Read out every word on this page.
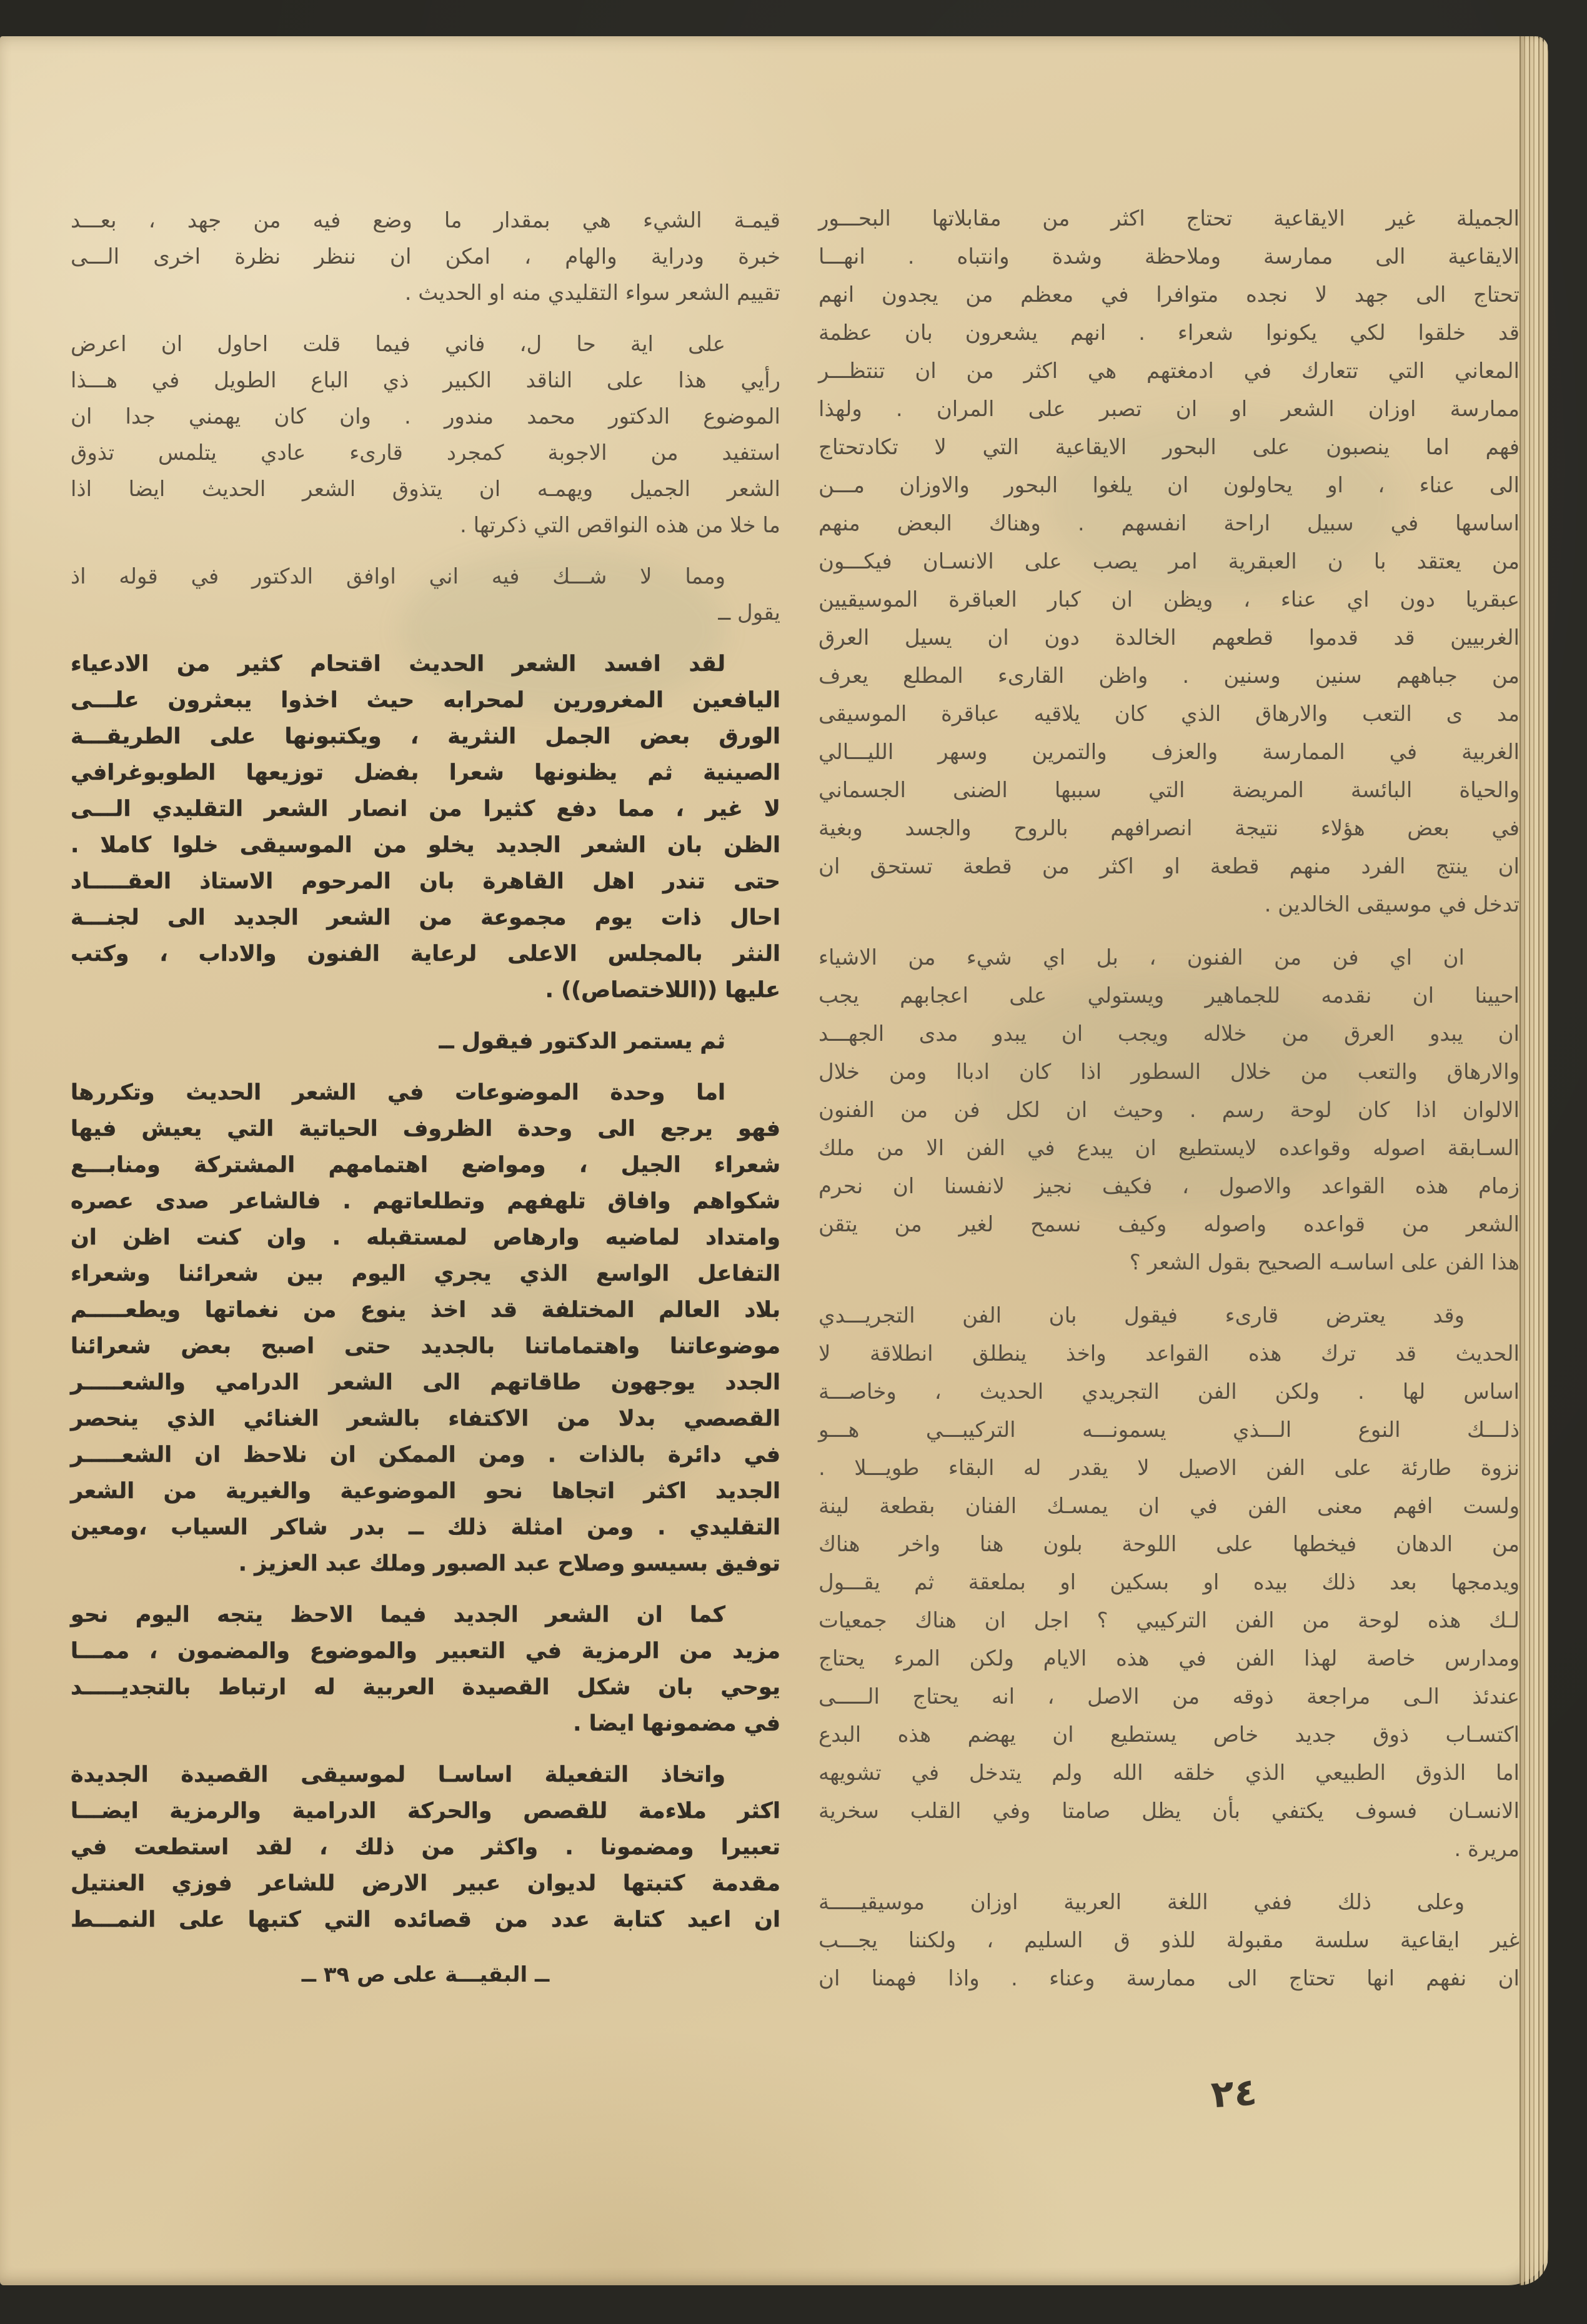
الجميلة غير الايقاعية تحتاج اكثر من مقابلاتها البحـــور
الايقاعية الى ممارسة وملاحظة وشدة وانتباه . انهـــا
تحتاج الى جهد لا نجده متوافرا في معظم من يجدون انهم
قد خلقوا لكي يكونوا شعراء . انهم يشعرون بان عظمة
المعاني التي تتعارك في ادمغتهم هي اكثر من ان تنتظـــر
ممارسة اوزان الشعر او ان تصبر على المران . ولهذا
فهم اما ينصبون على البحور الايقاعية التي لا تكادتحتاج
الى عناء ، او يحاولون ان يلغوا البحور والاوزان مـــن
اساسها في سبيل اراحة انفسهم . وهناك البعض منهم
من يعتقد با ن العبقرية امر يصب على الانسـان فيكـــون
عبقريا دون اي عناء ، ويظن ان كبار العباقرة الموسيقيين
الغربيين قد قدموا قطعهم الخالدة دون ان يسيل العرق
من جباههم سنين وسنين . واظن القارىء المطلع يعرف
مد ى التعب والارهاق الذي كان يلاقيه عباقرة الموسيقى
الغربية في الممارسة والعزف والتمرين وسهر الليـــالي
والحياة البائسة المريضة التي سببها الضنى الجسماني
في بعض هؤلاء نتيجة انصرافهم بالروح والجسد وبغية
ان ينتج الفرد منهم قطعة او اكثر من قطعة تستحق ان
تدخل في موسيقى الخالدين .
ان اي فن من الفنون ، بل اي شيء من الاشياء
احيينا ان نقدمه للجماهير ويستولي على اعجابهم يجب
ان يبدو العرق من خلاله ويجب ان يبدو مدى الجهـــد
والارهاق والتعب من خلال السطور اذا كان ادباا ومن خلال
الالوان اذا كان لوحة رسم . وحيث ان لكل فن من الفنون
السـابقة اصوله وقواعده لايستطيع ان يبدع في الفن الا من ملك
زمام هذه القواعد والاصول ، فكيف نجيز لانفسنا ان نحرم
الشعر من قواعده واصوله وكيف نسمح لغير من يتقن
هذا الفن على اساسـه الصحيح بقول الشعر ؟
وقد يعترض قارىء فيقول بان الفن التجريـــدي
الحديث قد ترك هذه القواعد واخذ ينطلق انطلاقة لا
اساس لها . ولكن الفن التجريدي الحديث ، وخاصـــة
ذلـــك النوع الـــذي يسمونـــه التركيبـــي هـــو
نزوة طارئة على الفن الاصيل لا يقدر له البقاء طويـــلا .
ولست افهم معنى الفن في ان يمسـك الفنان بقطعة لينة
من الدهان فيخطها على اللوحة بلون هنا واخر هناك
ويدمجها بعد ذلك بيده او بسكين او بملعقة ثم يقـــول
لـك هذه لوحة من الفن التركيبي ؟ اجل ان هناك جمعيات
ومدارس خاصة لهذا الفن في هذه الايام ولكن المرء يحتاج
عندئذ الـى مراجعة ذوقه من الاصل ، انه يحتاج الـــــى
اكتسـاب ذوق جديد خاص يستطيع ان يهضم هذه البدع
اما الذوق الطبيعي الذي خلقه الله ولم يتدخل في تشويهه
الانسـان فسوف يكتفي بأن يظل صامتا وفي القلب سخرية
مريرة .
وعلى ذلك ففي اللغة العربية اوزان موسيقيـــــة
غير ايقاعية سلسة مقبولة للذو ق السليم ، ولكننا يجـــب
ان نفهم انها تحتاج الى ممارسة وعناء . واذا فهمنا ان
قيمـة الشيء هي بمقدار ما وضع فيه من جهد ، بعـــد
خبرة ودراية والهام ، امكن ان ننظر نظرة اخرى الـــى
تقييم الشعر سواء التقليدي منه او الحديث .
على اية حا ل، فاني فيما قلت احاول ان اعرض
رأيي هذا على الناقد الكبير ذي الباع الطويل في هـــذا
الموضوع الدكتور محمد مندور . وان كان يهمني جدا ان
استفيد من الاجوبة كمجرد قارىء عادي يتلمس تذوق
الشعر الجميل ويهمـه ان يتذوق الشعر الحديث ايضا اذا
ما خلا من هذه النواقص التي ذكرتها .
ومما لا شـــك فيه اني اوافق الدكتور في قوله اذ
يقول ــ
لقد افسد الشعر الحديث اقتحام كثير من الادعياء
اليافعين المغرورين لمحرابه حيث اخذوا يبعثرون علـــى
الورق بعض الجمل النثرية ، ويكتبونها على الطريقـــة
الصينية ثم يظنونها شعرا بفضل توزيعها الطوبوغرافي
لا غير ، مما دفع كثيرا من انصار الشعر التقليدي الـــى
الظن بان الشعر الجديد يخلو من الموسيقى خلوا كاملا .
حتى تندر اهل القاهرة بان المرحوم الاستاذ العقـــــاد
احال ذات يوم مجموعة من الشعر الجديد الى لجنـــة
النثر بالمجلس الاعلى لرعاية الفنون والاداب ، وكتب
عليها ((اللاختصاص)) .
ثم يستمر الدكتور فيقول ــ
اما وحدة الموضوعات في الشعر الحديث وتكررها
فهو يرجع الى وحدة الظروف الحياتية التي يعيش فيها
شعراء الجيل ، ومواضع اهتمامهم المشتركة ومنابـــع
شكواهم وافاق تلهفهم وتطلعاتهم . فالشاعر صدى عصره
وامتداد لماضيه وارهاص لمستقبله . وان كنت اظن ان
التفاعل الواسع الذي يجري اليوم بين شعرائنا وشعراء
بلاد العالم المختلفة قد اخذ ينوع من نغماتها ويطعـــــم
موضوعاتنا واهتماماتنا بالجديد حتى اصبح بعض شعرائنا
الجدد يوجهون طاقاتهم الى الشعر الدرامي والشعـــــر
القصصي بدلا من الاكتفاء بالشعر الغنائي الذي ينحصر
في دائرة بالذات . ومن الممكن ان نلاحظ ان الشعـــــر
الجديد اكثر اتجاها نحو الموضوعية والغيرية من الشعر
التقليدي . ومن امثلة ذلك ــ بدر شاكر السياب ،ومعين
توفيق بسيسو وصلاح عبد الصبور وملك عبد العزيز .
كما ان الشعر الجديد فيما الاحظ يتجه اليوم نحو
مزيد من الرمزية في التعبير والموضوع والمضمون ، ممـــا
يوحي بان شكل القصيدة العربية له ارتباط بالتجديـــــد
في مضمونها ايضا .
واتخاذ التفعيلة اساسـا لموسيقى القصيدة الجديدة
اكثر ملاءمة للقصص والحركة الدرامية والرمزية ايضـــا
تعبيرا ومضمونا . واكثر من ذلك ، لقد استطعت في
مقدمة كتبتها لديوان عبير الارض للشاعر فوزي العنتيل
ان اعيد كتابة عدد من قصائده التي كتبها على النمـــط
ــ البقيـــة على ص ٣٩ ــ
٢٤
